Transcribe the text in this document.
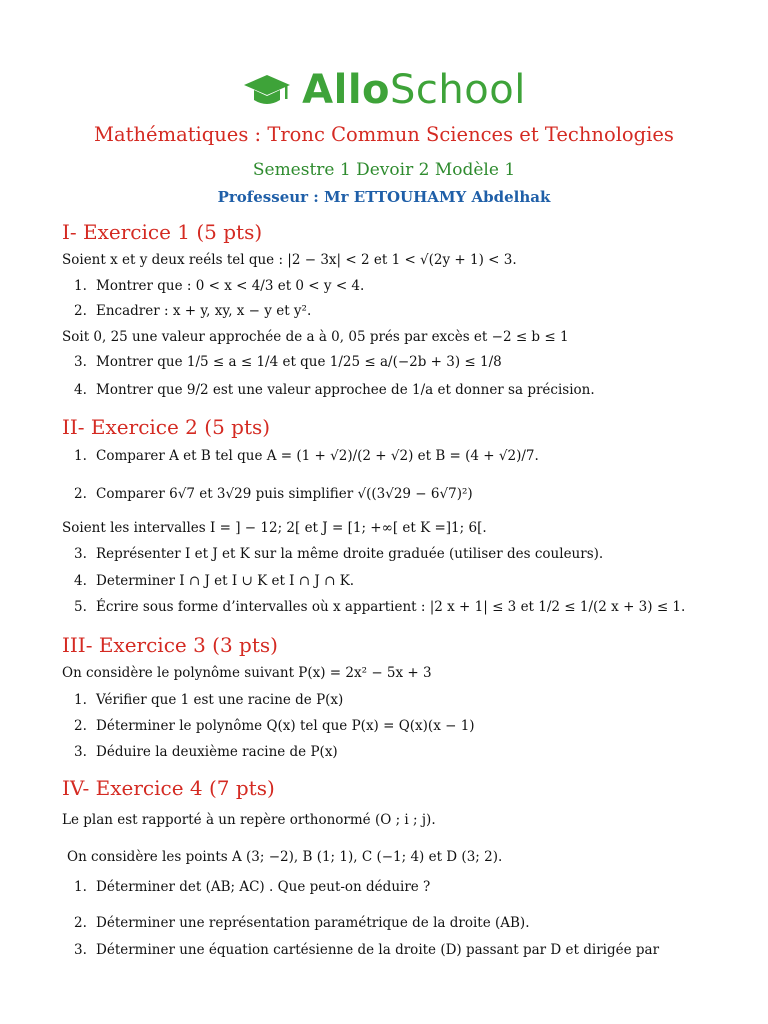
AlloSchool
Mathématiques : Tronc Commun Sciences et Technologies
Semestre 1 Devoir 2 Modèle 1
Professeur : Mr ETTOUHAMY Abdelhak
I- Exercice 1 (5 pts)
Soient x et y deux reéls tel que : |2 − 3x| < 2 et 1 < √(2y + 1) < 3.
1. Montrer que : 0 < x < 4/3 et 0 < y < 4.
2. Encadrer : x + y, xy, x − y et y².
Soit 0, 25 une valeur approchée de a à 0, 05 prés par excès et −2 ≤ b ≤ 1
3. Montrer que 1/5 ≤ a ≤ 1/4 et que 1/25 ≤ a/(−2b + 3) ≤ 1/8
4. Montrer que 9/2 est une valeur approchee de 1/a et donner sa précision.
II- Exercice 2 (5 pts)
1. Comparer A et B tel que A = (1 + √2)/(2 + √2) et B = (4 + √2)/7.
2. Comparer 6√7 et 3√29 puis simplifier √((3√29 − 6√7)²)
Soient les intervalles I = ] − 12; 2[ et J = [1; +∞[ et K =]1; 6[.
3. Représenter I et J et K sur la même droite graduée (utiliser des couleurs).
4. Determiner I ∩ J et I ∪ K et I ∩ J ∩ K.
5. Écrire sous forme d’intervalles où x appartient : |2 x + 1| ≤ 3 et 1/2 ≤ 1/(2 x + 3) ≤ 1.
III- Exercice 3 (3 pts)
On considère le polynôme suivant P(x) = 2x² − 5x + 3
1. Vérifier que 1 est une racine de P(x)
2. Déterminer le polynôme Q(x) tel que P(x) = Q(x)(x − 1)
3. Déduire la deuxième racine de P(x)
IV- Exercice 4 (7 pts)
Le plan est rapporté à un repère orthonormé (O ; i ; j).
On considère les points A (3; −2), B (1; 1), C (−1; 4) et D (3; 2).
1. Déterminer det (AB; AC) . Que peut-on déduire ?
2. Déterminer une représentation paramétrique de la droite (AB).
3. Déterminer une équation cartésienne de la droite (D) passant par D et dirigée par
